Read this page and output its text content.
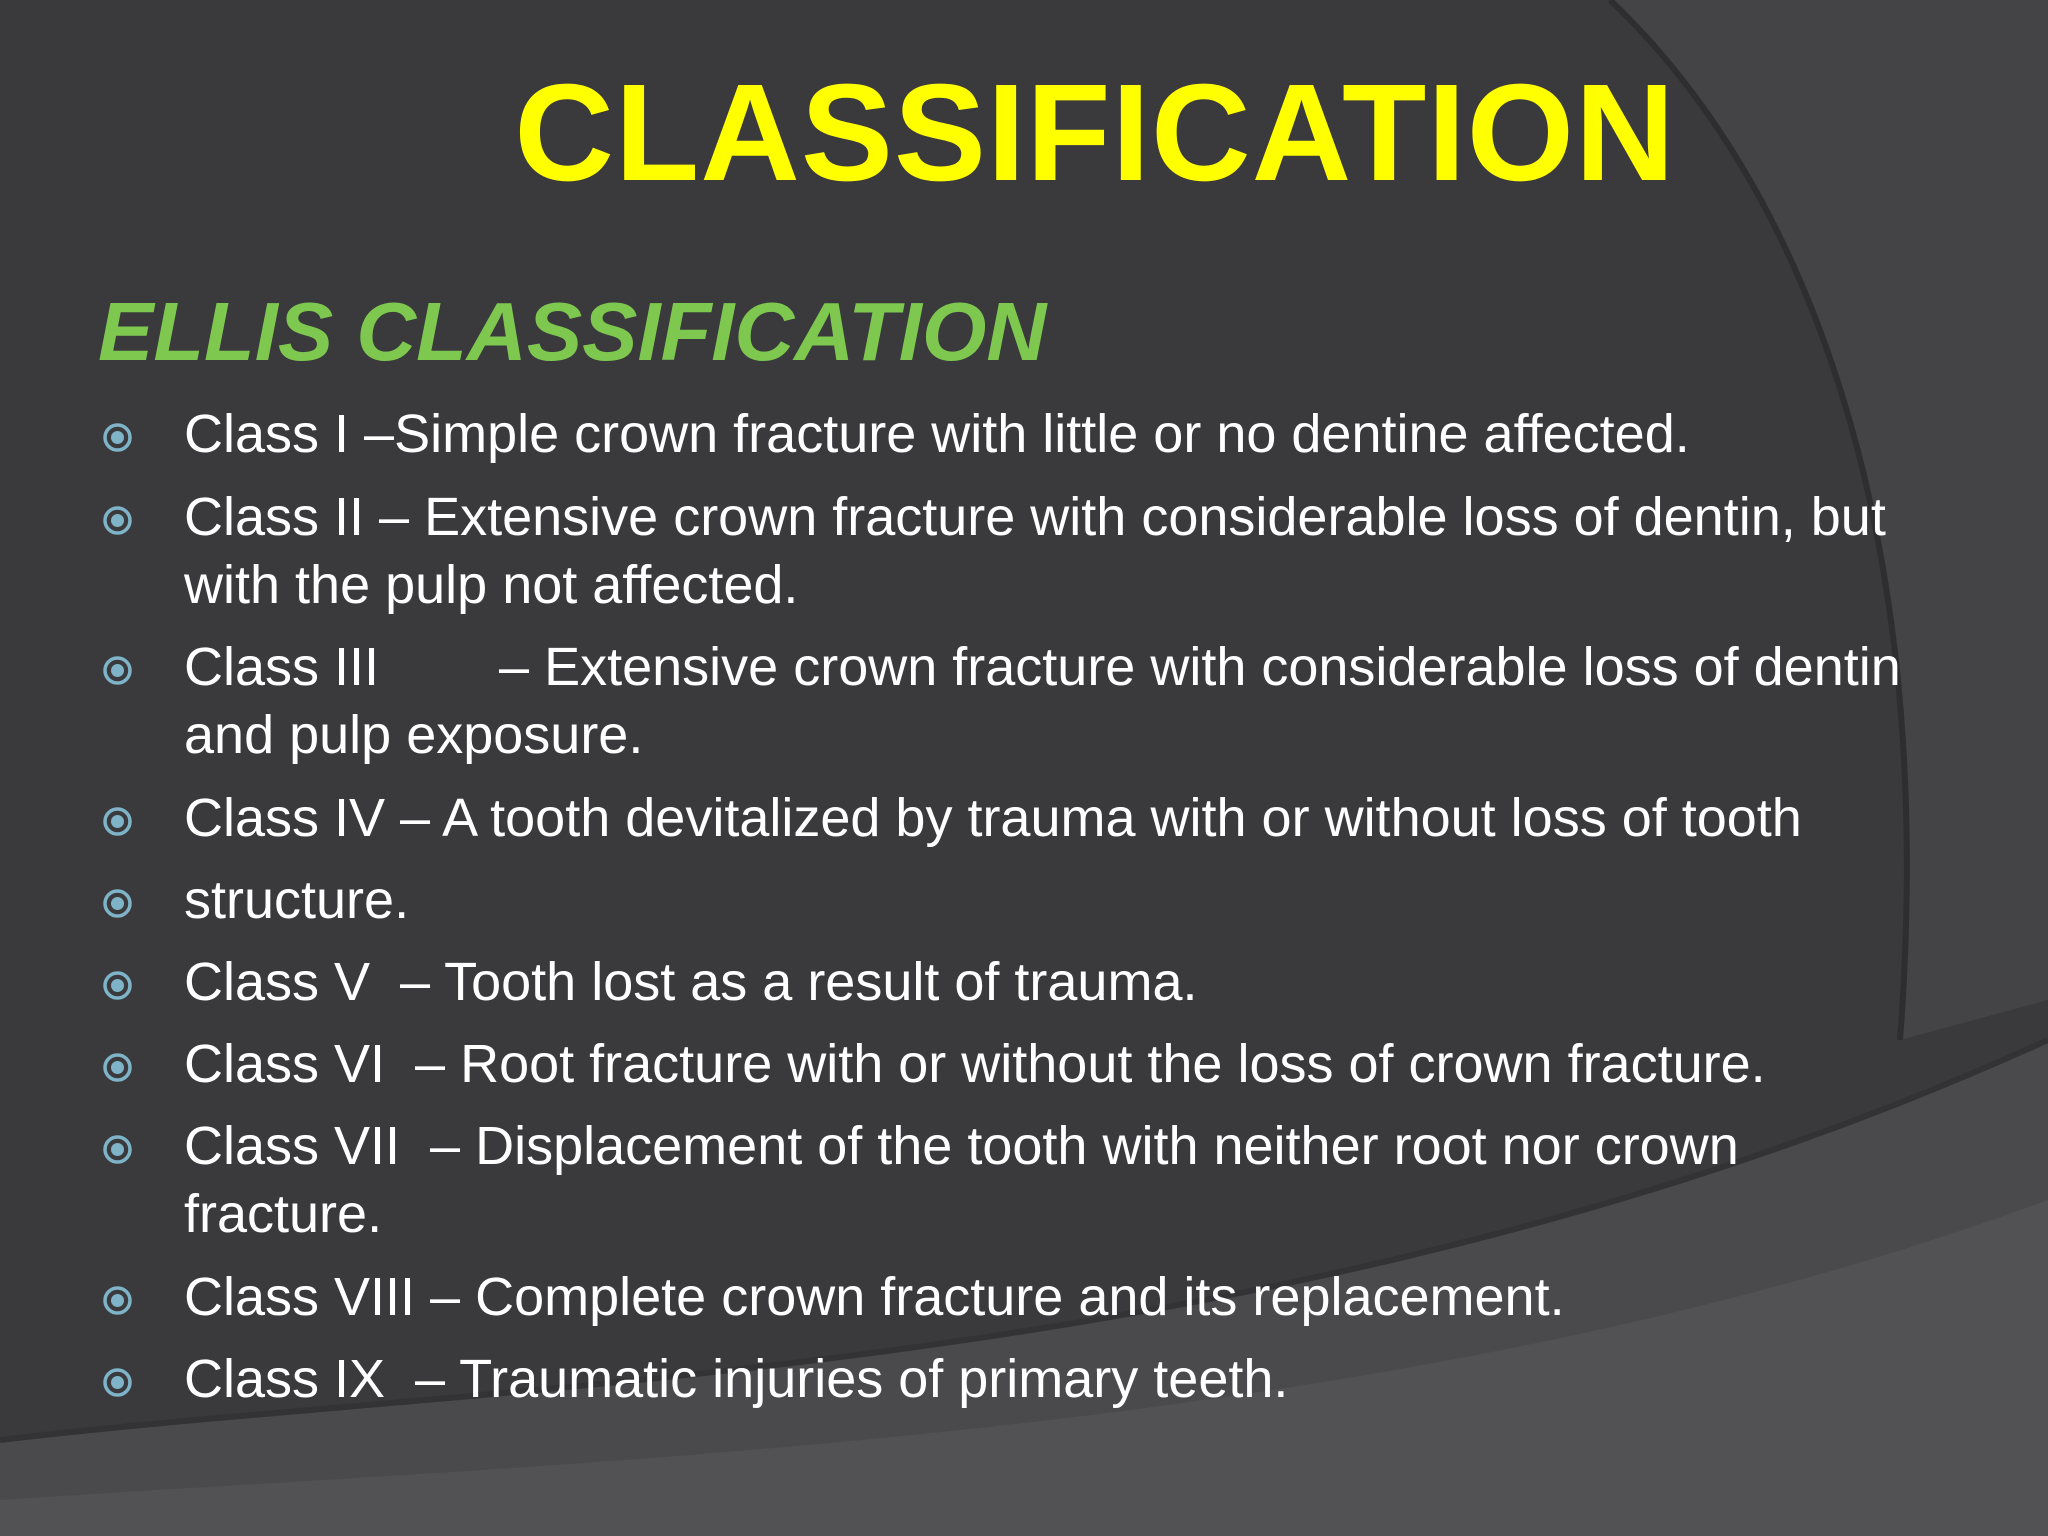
CLASSIFICATION
ELLIS CLASSIFICATION
Class I –Simple crown fracture with little or no dentine affected.
Class II – Extensive crown fracture with considerable loss of dentin, but
with the pulp not affected.
Class III        – Extensive crown fracture with considerable loss of dentin
and pulp exposure.
Class IV – A tooth devitalized by trauma with or without loss of tooth
structure.
Class V  – Tooth lost as a result of trauma.
Class VI  – Root fracture with or without the loss of crown fracture.
Class VII  – Displacement of the tooth with neither root nor crown
fracture.
Class VIII – Complete crown fracture and its replacement.
Class IX  – Traumatic injuries of primary teeth.
